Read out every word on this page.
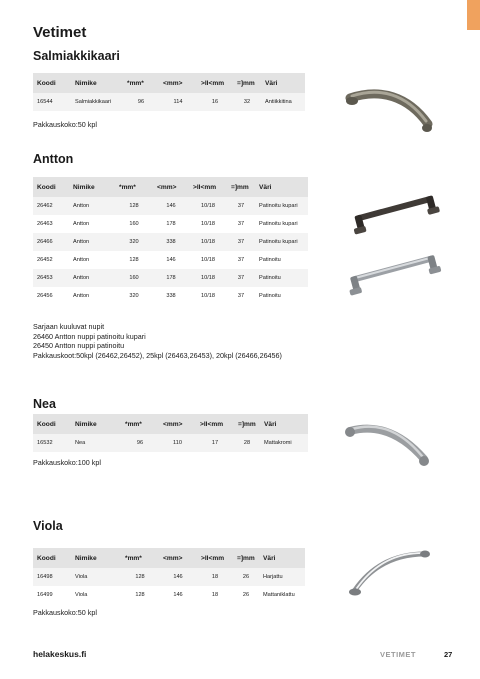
Vetimet
Salmiakkikaari
Koodi	Nimike	*mm*	<mm>	>II<mm	=]mm	Väri
16544	Salmiakkikaari	96	114	16	32	Antiikkitina
Pakkauskoko:50 kpl
Antton
Koodi	Nimike	*mm*	<mm>	>II<mm	=]mm	Väri
26462	Antton	128	146	10/18	37	Patinoitu kupari
26463	Antton	160	178	10/18	37	Patinoitu kupari
26466	Antton	320	338	10/18	37	Patinoitu kupari
26452	Antton	128	146	10/18	37	Patinoitu
26453	Antton	160	178	10/18	37	Patinoitu
26456	Antton	320	338	10/18	37	Patinoitu
Sarjaan kuuluvat nupit
26460 Antton nuppi patinoitu kupari
26450 Antton nuppi patinoitu
Pakkauskoot:50kpl (26462,26452), 25kpl (26463,26453), 20kpl (26466,26456)
Nea
Koodi	Nimike	*mm*	<mm>	>II<mm	=]mm	Väri
16532	Nea	96	110	17	28	Mattakromi
Pakkauskoko:100 kpl
Viola
Koodi	Nimike	*mm*	<mm>	>II<mm	=]mm	Väri
16498	Viola	128	146	18	26	Harjattu
16499	Viola	128	146	18	26	Mattaniklattu
Pakkauskoko:50 kpl
helakeskus.fi	VETIMET	27
